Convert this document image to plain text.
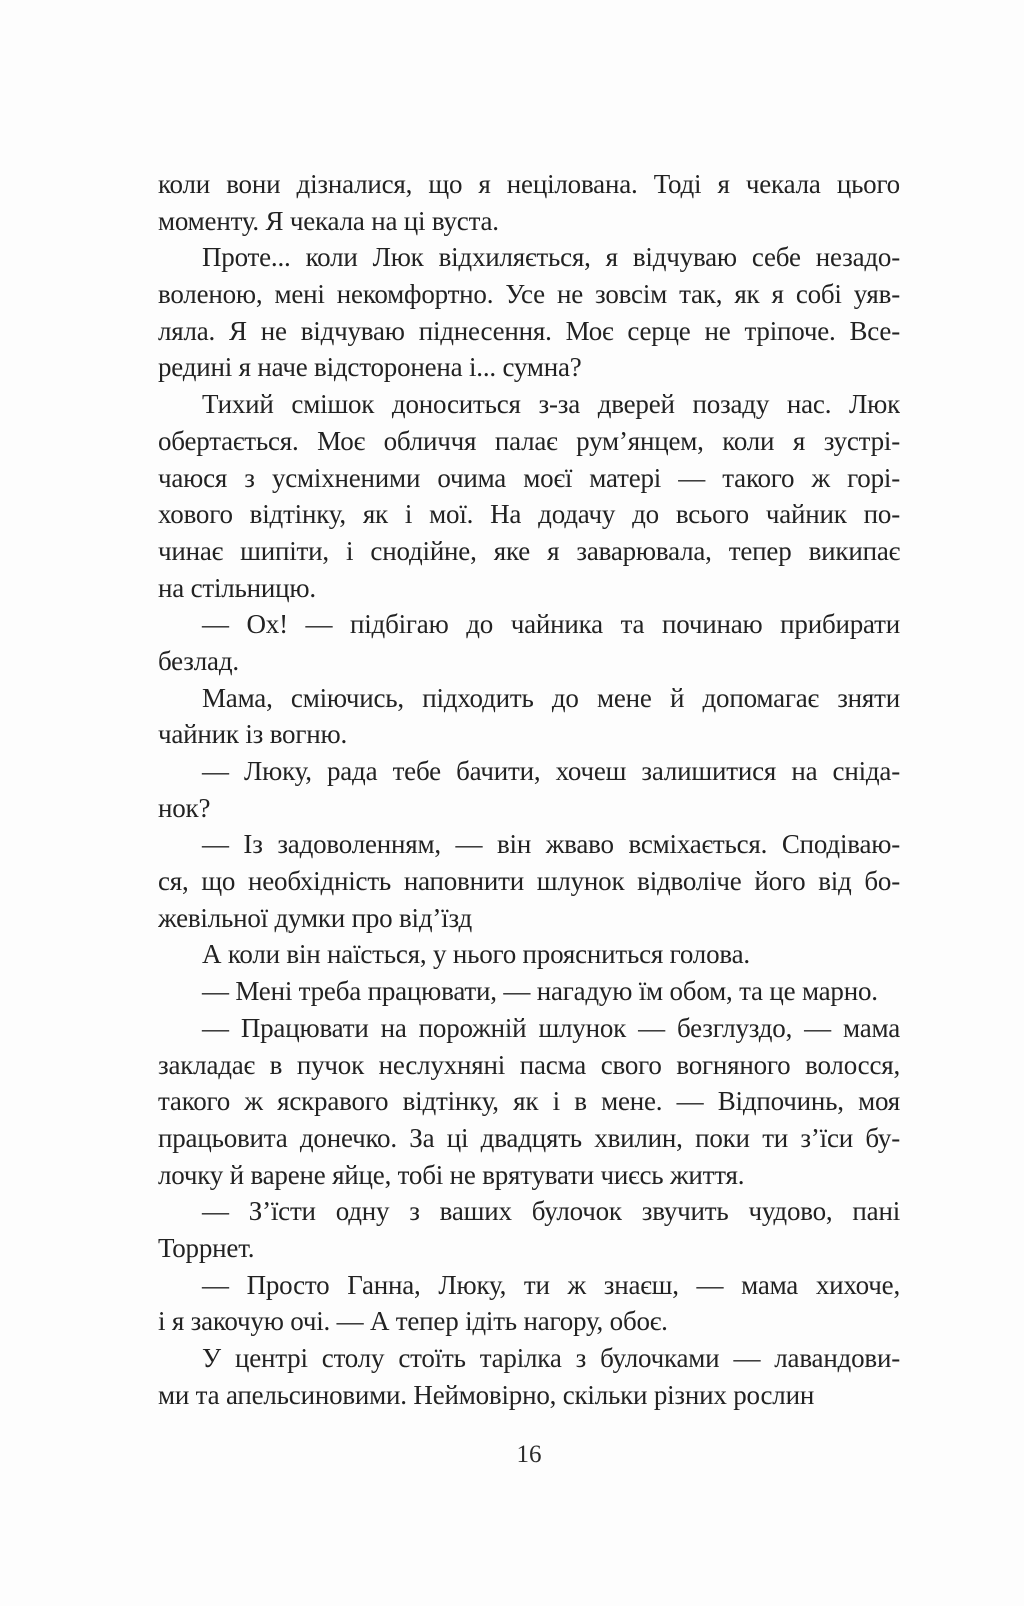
коли вони дізналися, що я нецілована. Тоді я чекала цього
моменту. Я чекала на ці вуста.
Проте... коли Люк відхиляється, я відчуваю себе незадо-
воленою, мені некомфортно. Усе не зовсім так, як я собі уяв-
ляла. Я не відчуваю піднесення. Моє серце не тріпоче. Все-
редині я наче відсторонена і... сумна?
Тихий смішок доноситься з-за дверей позаду нас. Люк
обертається. Моє обличчя палає рум’янцем, коли я зустрі-
чаюся з усміхненими очима моєї матері — такого ж горі-
хового відтінку, як і мої. На додачу до всього чайник по-
чинає шипіти, і снодійне, яке я заварювала, тепер википає
на стільницю.
— Ох! — підбігаю до чайника та починаю прибирати
безлад.
Мама, сміючись, підходить до мене й допомагає зняти
чайник із вогню.
— Люку, рада тебе бачити, хочеш залишитися на сніда-
нок?
— Із задоволенням, — він жваво всміхається. Сподіваю-
ся, що необхідність наповнити шлунок відволіче його від бо-
жевільної думки про від’їзд
А коли він наїсться, у нього проясниться голова.
— Мені треба працювати, — нагадую їм обом, та це марно.
— Працювати на порожній шлунок — безглуздо, — мама
закладає в пучок неслухняні пасма свого вогняного волосся,
такого ж яскравого відтінку, як і в мене. — Відпочинь, моя
працьовита донечко. За ці двадцять хвилин, поки ти з’їси бу-
лочку й варене яйце, тобі не врятувати чиєсь життя.
— З’їсти одну з ваших булочок звучить чудово, пані
Торрнет.
— Просто Ганна, Люку, ти ж знаєш, — мама хихоче,
і я закочую очі. — А тепер ідіть нагору, обоє.
У центрі столу стоїть тарілка з булочками — лавандови-
ми та апельсиновими. Неймовірно, скільки різних рослин
16
